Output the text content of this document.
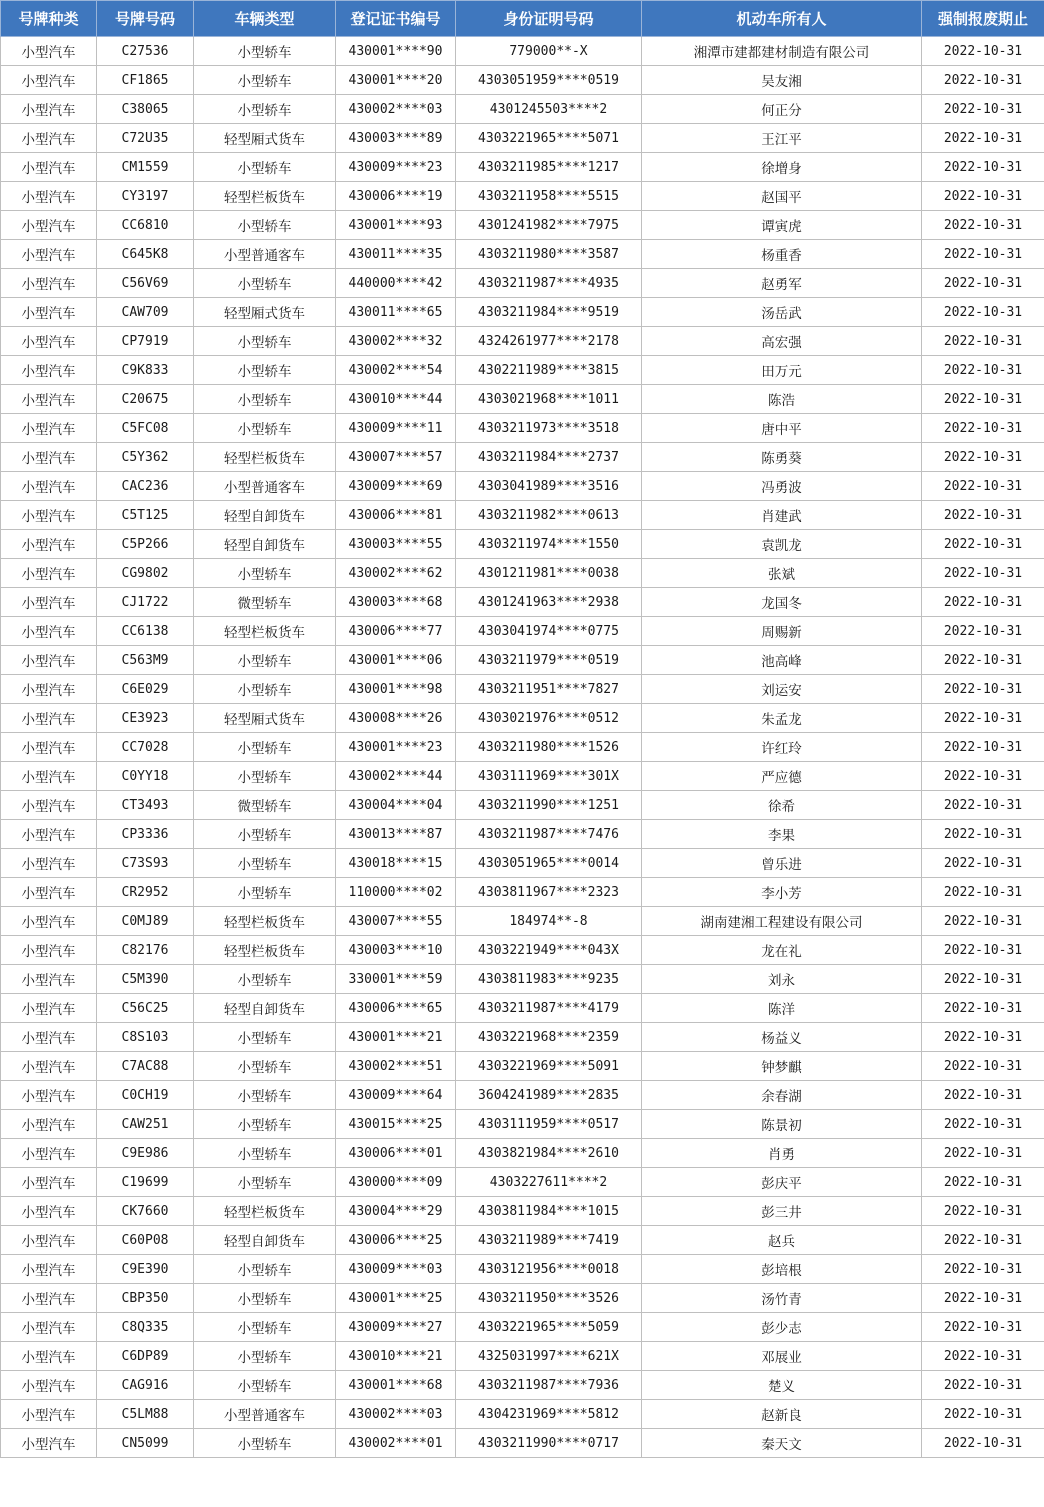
号牌种类	号牌号码	车辆类型	登记证书编号	身份证明号码	机动车所有人	强制报废期止
小型汽车	C27536	小型轿车	430001****90	779000**-X	湘潭市建都建材制造有限公司	2022-10-31
小型汽车	CF1865	小型轿车	430001****20	4303051959****0519	吴友湘	2022-10-31
小型汽车	C38065	小型轿车	430002****03	4301245503****2	何正分	2022-10-31
小型汽车	C72U35	轻型厢式货车	430003****89	4303221965****5071	王江平	2022-10-31
小型汽车	CM1559	小型轿车	430009****23	4303211985****1217	徐增身	2022-10-31
小型汽车	CY3197	轻型栏板货车	430006****19	4303211958****5515	赵国平	2022-10-31
小型汽车	CC6810	小型轿车	430001****93	4301241982****7975	谭寅虎	2022-10-31
小型汽车	C645K8	小型普通客车	430011****35	4303211980****3587	杨重香	2022-10-31
小型汽车	C56V69	小型轿车	440000****42	4303211987****4935	赵勇军	2022-10-31
小型汽车	CAW709	轻型厢式货车	430011****65	4303211984****9519	汤岳武	2022-10-31
小型汽车	CP7919	小型轿车	430002****32	4324261977****2178	高宏强	2022-10-31
小型汽车	C9K833	小型轿车	430002****54	4302211989****3815	田万元	2022-10-31
小型汽车	C20675	小型轿车	430010****44	4303021968****1011	陈浩	2022-10-31
小型汽车	C5FC08	小型轿车	430009****11	4303211973****3518	唐中平	2022-10-31
小型汽车	C5Y362	轻型栏板货车	430007****57	4303211984****2737	陈勇葵	2022-10-31
小型汽车	CAC236	小型普通客车	430009****69	4303041989****3516	冯勇波	2022-10-31
小型汽车	C5T125	轻型自卸货车	430006****81	4303211982****0613	肖建武	2022-10-31
小型汽车	C5P266	轻型自卸货车	430003****55	4303211974****1550	袁凯龙	2022-10-31
小型汽车	CG9802	小型轿车	430002****62	4301211981****0038	张斌	2022-10-31
小型汽车	CJ1722	微型轿车	430003****68	4301241963****2938	龙国冬	2022-10-31
小型汽车	CC6138	轻型栏板货车	430006****77	4303041974****0775	周赐新	2022-10-31
小型汽车	C563M9	小型轿车	430001****06	4303211979****0519	池高峰	2022-10-31
小型汽车	C6E029	小型轿车	430001****98	4303211951****7827	刘运安	2022-10-31
小型汽车	CE3923	轻型厢式货车	430008****26	4303021976****0512	朱孟龙	2022-10-31
小型汽车	CC7028	小型轿车	430001****23	4303211980****1526	许红玲	2022-10-31
小型汽车	C0YY18	小型轿车	430002****44	4303111969****301X	严应德	2022-10-31
小型汽车	CT3493	微型轿车	430004****04	4303211990****1251	徐希	2022-10-31
小型汽车	CP3336	小型轿车	430013****87	4303211987****7476	李果	2022-10-31
小型汽车	C73S93	小型轿车	430018****15	4303051965****0014	曾乐进	2022-10-31
小型汽车	CR2952	小型轿车	110000****02	4303811967****2323	李小芳	2022-10-31
小型汽车	C0MJ89	轻型栏板货车	430007****55	184974**-8	湖南建湘工程建设有限公司	2022-10-31
小型汽车	C82176	轻型栏板货车	430003****10	4303221949****043X	龙在礼	2022-10-31
小型汽车	C5M390	小型轿车	330001****59	4303811983****9235	刘永	2022-10-31
小型汽车	C56C25	轻型自卸货车	430006****65	4303211987****4179	陈洋	2022-10-31
小型汽车	C8S103	小型轿车	430001****21	4303221968****2359	杨益义	2022-10-31
小型汽车	C7AC88	小型轿车	430002****51	4303221969****5091	钟梦麒	2022-10-31
小型汽车	C0CH19	小型轿车	430009****64	3604241989****2835	余春湖	2022-10-31
小型汽车	CAW251	小型轿车	430015****25	4303111959****0517	陈景初	2022-10-31
小型汽车	C9E986	小型轿车	430006****01	4303821984****2610	肖勇	2022-10-31
小型汽车	C19699	小型轿车	430000****09	4303227611****2	彭庆平	2022-10-31
小型汽车	CK7660	轻型栏板货车	430004****29	4303811984****1015	彭三井	2022-10-31
小型汽车	C60P08	轻型自卸货车	430006****25	4303211989****7419	赵兵	2022-10-31
小型汽车	C9E390	小型轿车	430009****03	4303121956****0018	彭培根	2022-10-31
小型汽车	CBP350	小型轿车	430001****25	4303211950****3526	汤竹青	2022-10-31
小型汽车	C8Q335	小型轿车	430009****27	4303221965****5059	彭少志	2022-10-31
小型汽车	C6DP89	小型轿车	430010****21	4325031997****621X	邓展业	2022-10-31
小型汽车	CAG916	小型轿车	430001****68	4303211987****7936	楚义	2022-10-31
小型汽车	C5LM88	小型普通客车	430002****03	4304231969****5812	赵新良	2022-10-31
小型汽车	CN5099	小型轿车	430002****01	4303211990****0717	秦天文	2022-10-31
